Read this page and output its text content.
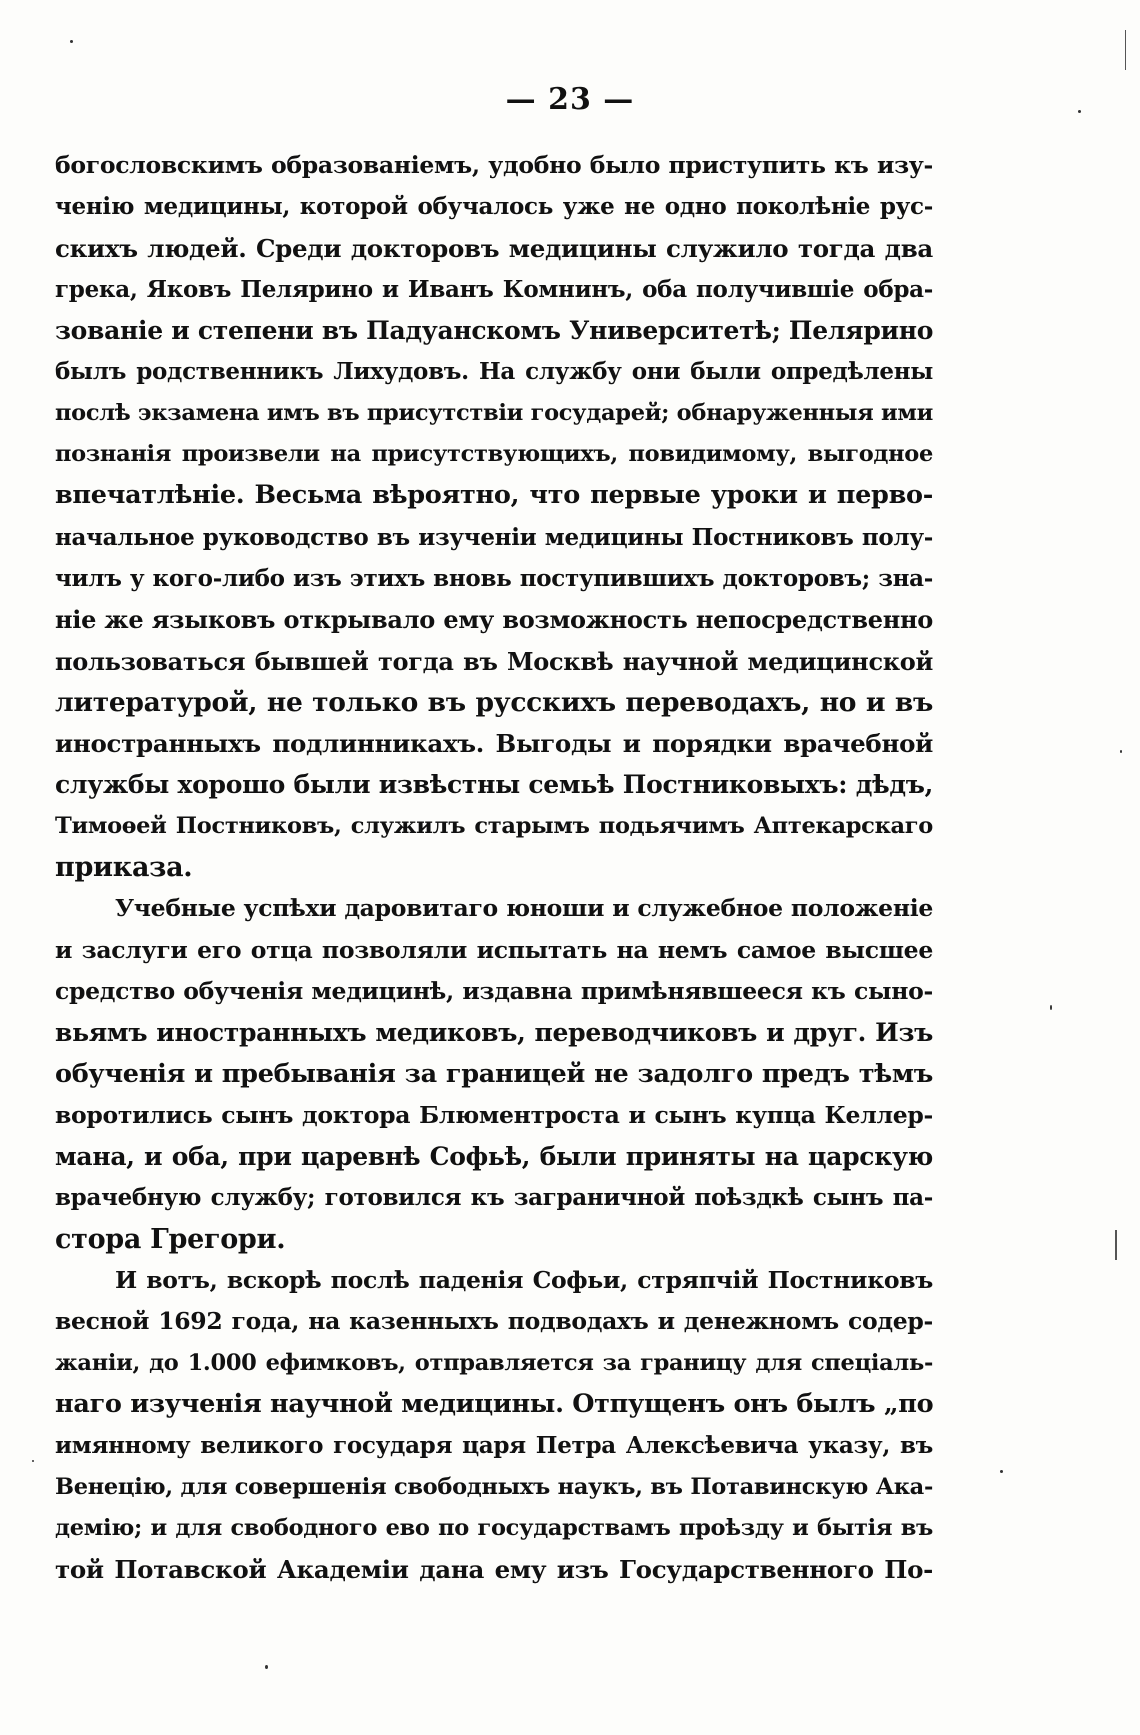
— 23 —
богословскимъ образованіемъ, удобно было приступить къ изу-
ченію медицины, которой обучалось уже не одно поколѣніе рус-
скихъ людей. Среди докторовъ медицины служило тогда два
грека, Яковъ Пелярино и Иванъ Комнинъ, оба получившіе обра-
зованіе и степени въ Падуанскомъ Университетѣ; Пелярино
былъ родственникъ Лихудовъ. На службу они были опредѣлены
послѣ экзамена имъ въ присутствіи государей; обнаруженныя ими
познанія произвели на присутствующихъ, повидимому, выгодное
впечатлѣніе. Весьма вѣроятно, что первые уроки и перво-
начальное руководство въ изученіи медицины Постниковъ полу-
чилъ у кого-либо изъ этихъ вновь поступившихъ докторовъ; зна-
ніе же языковъ открывало ему возможность непосредственно
пользоваться бывшей тогда въ Москвѣ научной медицинской
литературой, не только въ русскихъ переводахъ, но и въ
иностранныхъ подлинникахъ. Выгоды и порядки врачебной
службы хорошо были извѣстны семьѣ Постниковыхъ: дѣдъ,
Тимоѳей Постниковъ, служилъ старымъ подьячимъ Аптекарскаго
приказа.
Учебные успѣхи даровитаго юноши и служебное положеніе
и заслуги его отца позволяли испытать на немъ самое высшее
средство обученія медицинѣ, издавна примѣнявшееся къ сыно-
вьямъ иностранныхъ медиковъ, переводчиковъ и друг. Изъ
обученія и пребыванія за границей не задолго предъ тѣмъ
воротились сынъ доктора Блюментроста и сынъ купца Келлер-
мана, и оба, при царевнѣ Софьѣ, были приняты на царскую
врачебную службу; готовился къ заграничной поѣздкѣ сынъ па-
стора Грегори.
И вотъ, вскорѣ послѣ паденія Софьи, стряпчій Постниковъ
весной 1692 года, на казенныхъ подводахъ и денежномъ содер-
жаніи, до 1.000 ефимковъ, отправляется за границу для спеціаль-
наго изученія научной медицины. Отпущенъ онъ былъ „по
имянному великого государя царя Петра Алексѣевича указу, въ
Венецію, для совершенія свободныхъ наукъ, въ Потавинскую Ака-
демію; и для свободного ево по государствамъ проѣзду и бытія въ
той Потавской Академіи дана ему изъ Государственного По-
